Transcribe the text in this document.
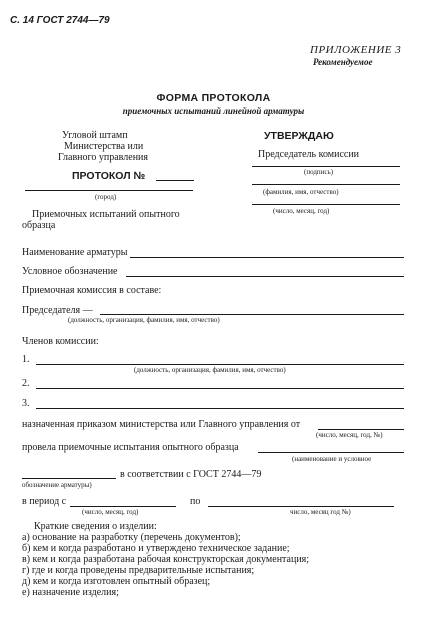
С. 14 ГОСТ 2744—79
ПРИЛОЖЕНИЕ 3
Рекомендуемое
ФОРМА ПРОТОКОЛА
приемочных испытаний линейной арматуры
Угловой штамп
Министерства или
Главного управления
УТВЕРЖДАЮ
Председатель комиссии
(подпись)
(фамилия, имя, отчество)
(число, месяц, год)
ПРОТОКОЛ №
(город)
Приемочных испытаний опытного
образца
Наименование арматуры
Условное обозначение
Приемочная комиссия в составе:
Председателя —
(должность, организация, фамилия, имя, отчество)
Членов комиссии:
1.
(должность, организация, фамилия, имя, отчество)
2.
3.
назначенная приказом министерства или Главного управления от
(число, месяц, год, №)
провела приемочные испытания опытного образца
(наименование и условное
в соответствии с ГОСТ 2744—79
обозначение арматуры)
в период с	по
(число, месяц, год)	число, месяц год №)
Краткие сведения о изделии:
а) основание на разработку (перечень документов);
б) кем и когда разработано и утверждено техническое задание;
в) кем и когда разработана рабочая конструкторская документация;
г) где и когда проведены предварительные испытания;
д) кем и когда изготовлен опытный образец;
е) назначение изделия;
